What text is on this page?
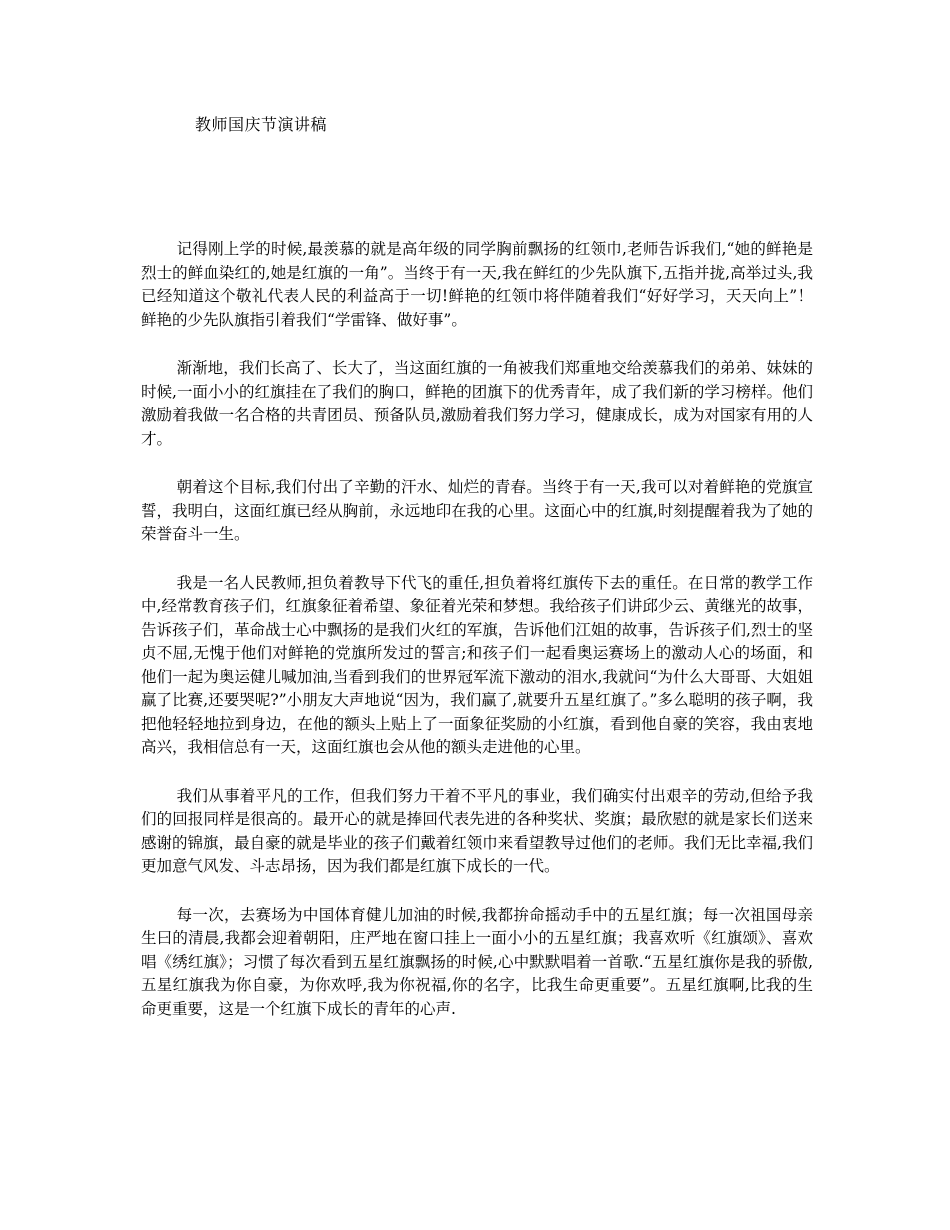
教师国庆节演讲稿

记得刚上学的时候,最羡慕的就是高年级的同学胸前飘扬的红领巾,老师告诉我们,“她的鲜艳是烈士的鲜血染红的,她是红旗的一角”。当终于有一天,我在鲜红的少先队旗下,五指并拢,高举过头,我已经知道这个敬礼代表人民的利益高于一切!鲜艳的红领巾将伴随着我们“好好学习，天天向上”！鲜艳的少先队旗指引着我们“学雷锋、做好事”。

渐渐地，我们长高了、长大了，当这面红旗的一角被我们郑重地交给羡慕我们的弟弟、妹妹的时候,一面小小的红旗挂在了我们的胸口，鲜艳的团旗下的优秀青年，成了我们新的学习榜样。他们激励着我做一名合格的共青团员、预备队员,激励着我们努力学习，健康成长，成为对国家有用的人才。

朝着这个目标,我们付出了辛勤的汗水、灿烂的青春。当终于有一天,我可以对着鲜艳的党旗宣誓，我明白，这面红旗已经从胸前，永远地印在我的心里。这面心中的红旗,时刻提醒着我为了她的荣誉奋斗一生。

我是一名人民教师,担负着教导下代飞的重任,担负着将红旗传下去的重任。在日常的教学工作中,经常教育孩子们，红旗象征着希望、象征着光荣和梦想。我给孩子们讲邱少云、黄继光的故事，告诉孩子们，革命战士心中飘扬的是我们火红的军旗，告诉他们江姐的故事，告诉孩子们,烈士的坚贞不屈,无愧于他们对鲜艳的党旗所发过的誓言;和孩子们一起看奥运赛场上的激动人心的场面，和他们一起为奥运健儿喊加油,当看到我们的世界冠军流下激动的泪水,我就问“为什么大哥哥、大姐姐赢了比赛,还要哭呢?”小朋友大声地说“因为，我们赢了,就要升五星红旗了。”多么聪明的孩子啊，我把他轻轻地拉到身边，在他的额头上贴上了一面象征奖励的小红旗，看到他自豪的笑容，我由衷地高兴，我相信总有一天，这面红旗也会从他的额头走进他的心里。

我们从事着平凡的工作，但我们努力干着不平凡的事业，我们确实付出艰辛的劳动,但给予我们的回报同样是很高的。最开心的就是捧回代表先进的各种奖状、奖旗；最欣慰的就是家长们送来感谢的锦旗，最自豪的就是毕业的孩子们戴着红领巾来看望教导过他们的老师。我们无比幸福,我们更加意气风发、斗志昂扬，因为我们都是红旗下成长的一代。

每一次，去赛场为中国体育健儿加油的时候,我都拚命摇动手中的五星红旗；每一次祖国母亲生曰的清晨,我都会迎着朝阳，庄严地在窗口挂上一面小小的五星红旗；我喜欢听《红旗颂》、喜欢唱《绣红旗》；习惯了每次看到五星红旗飘扬的时候,心中默默唱着一首歌.“五星红旗你是我的骄傲,五星红旗我为你自豪，为你欢呼,我为你祝福,你的名字，比我生命更重要”。五星红旗啊,比我的生命更重要，这是一个红旗下成长的青年的心声.
